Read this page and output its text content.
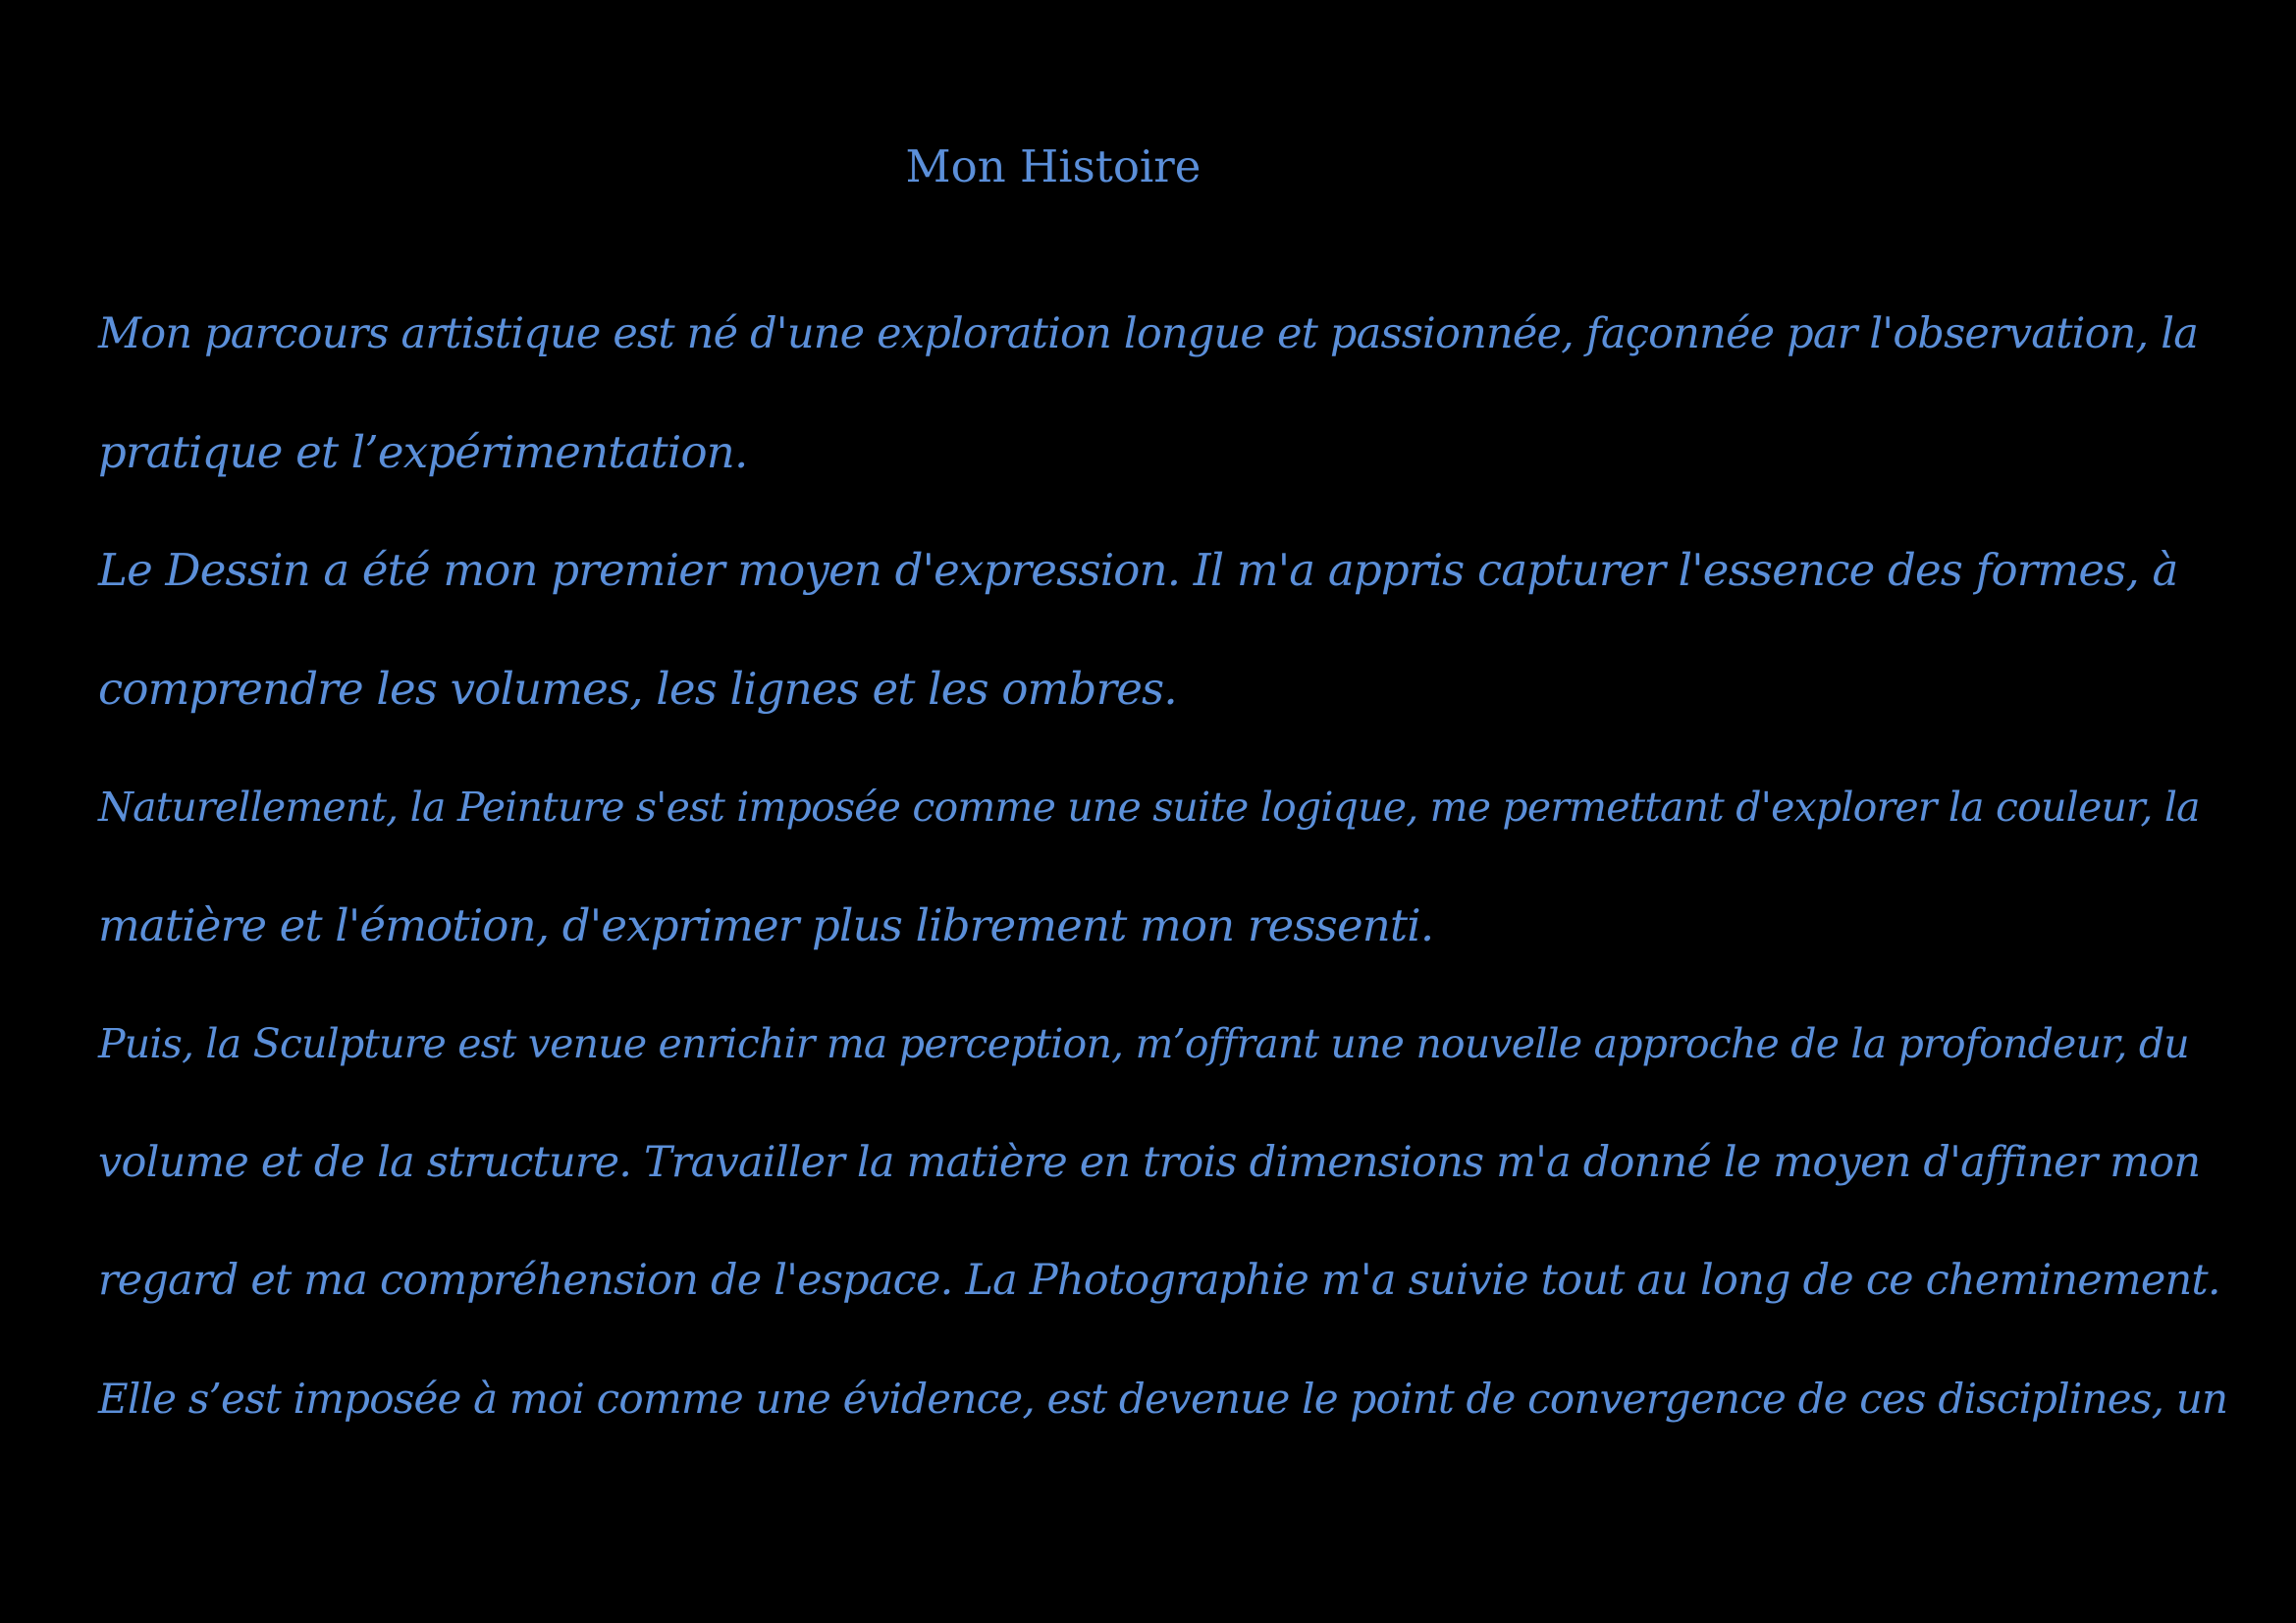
Mon Histoire
Mon parcours artistique est né d'une exploration longue et passionnée, façonnée par l'observation, la
pratique et l’expérimentation.
Le Dessin a été mon premier moyen d'expression. Il m'a appris capturer l'essence des formes, à
comprendre les volumes, les lignes et les ombres.
Naturellement, la Peinture s'est imposée comme une suite logique, me permettant d'explorer la couleur, la
matière et l'émotion, d'exprimer plus librement mon ressenti.
Puis, la Sculpture est venue enrichir ma perception, m’offrant une nouvelle approche de la profondeur, du
volume et de la structure. Travailler la matière en trois dimensions m'a donné le moyen d'affiner mon
regard et ma compréhension de l'espace. La Photographie m'a suivie tout au long de ce cheminement.
Elle s’est imposée à moi comme une évidence, est devenue le point de convergence de ces disciplines, un
